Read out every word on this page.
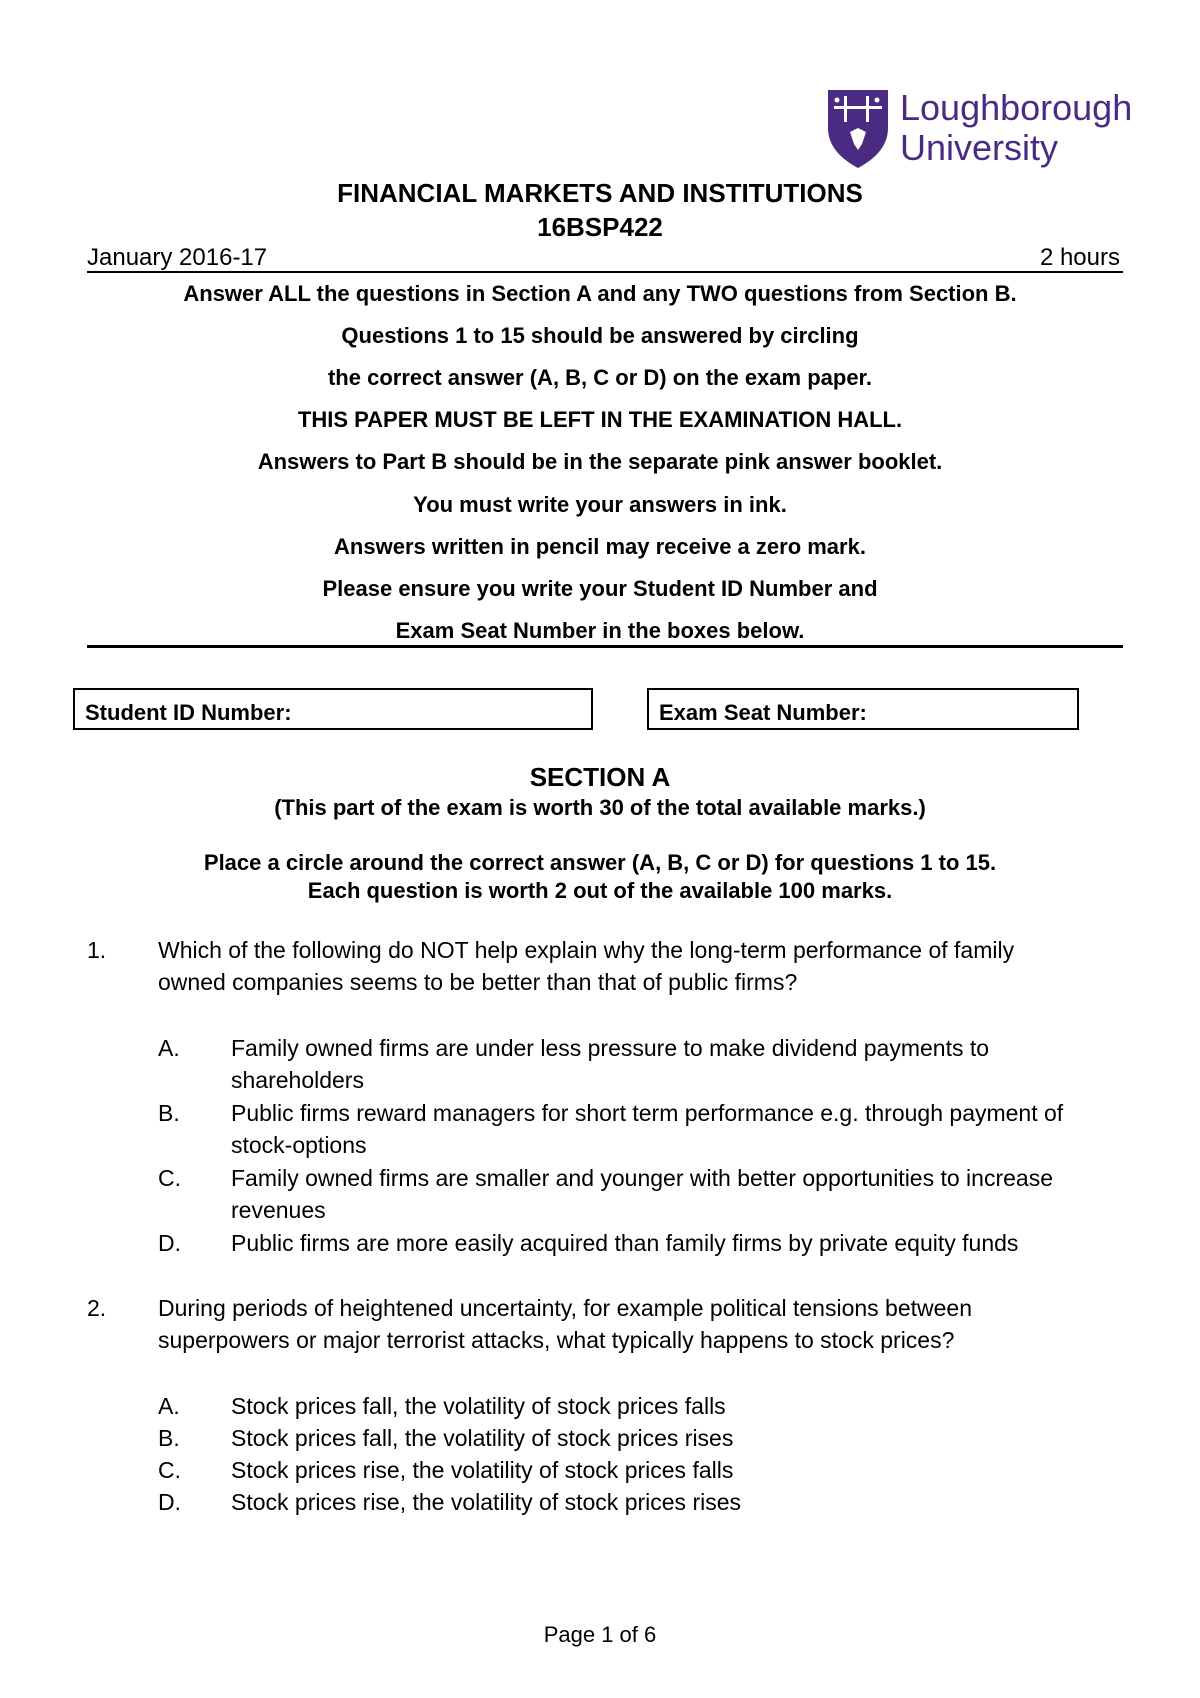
Loughborough
University
FINANCIAL MARKETS AND INSTITUTIONS
16BSP422
January 2016-17	2 hours
Answer ALL the questions in Section A and any TWO questions from Section B.
Questions 1 to 15 should be answered by circling
the correct answer (A, B, C or D) on the exam paper.
THIS PAPER MUST BE LEFT IN THE EXAMINATION HALL.
Answers to Part B should be in the separate pink answer booklet.
You must write your answers in ink.
Answers written in pencil may receive a zero mark.
Please ensure you write your Student ID Number and
Exam Seat Number in the boxes below.
Student ID Number:	Exam Seat Number:
SECTION A
(This part of the exam is worth 30 of the total available marks.)
Place a circle around the correct answer (A, B, C or D) for questions 1 to 15.
Each question is worth 2 out of the available 100 marks.
1. Which of the following do NOT help explain why the long-term performance of family
owned companies seems to be better than that of public firms?
A. Family owned firms are under less pressure to make dividend payments to
shareholders
B. Public firms reward managers for short term performance e.g. through payment of
stock-options
C. Family owned firms are smaller and younger with better opportunities to increase
revenues
D. Public firms are more easily acquired than family firms by private equity funds
2. During periods of heightened uncertainty, for example political tensions between
superpowers or major terrorist attacks, what typically happens to stock prices?
A. Stock prices fall, the volatility of stock prices falls
B. Stock prices fall, the volatility of stock prices rises
C. Stock prices rise, the volatility of stock prices falls
D. Stock prices rise, the volatility of stock prices rises
Page 1 of 6
